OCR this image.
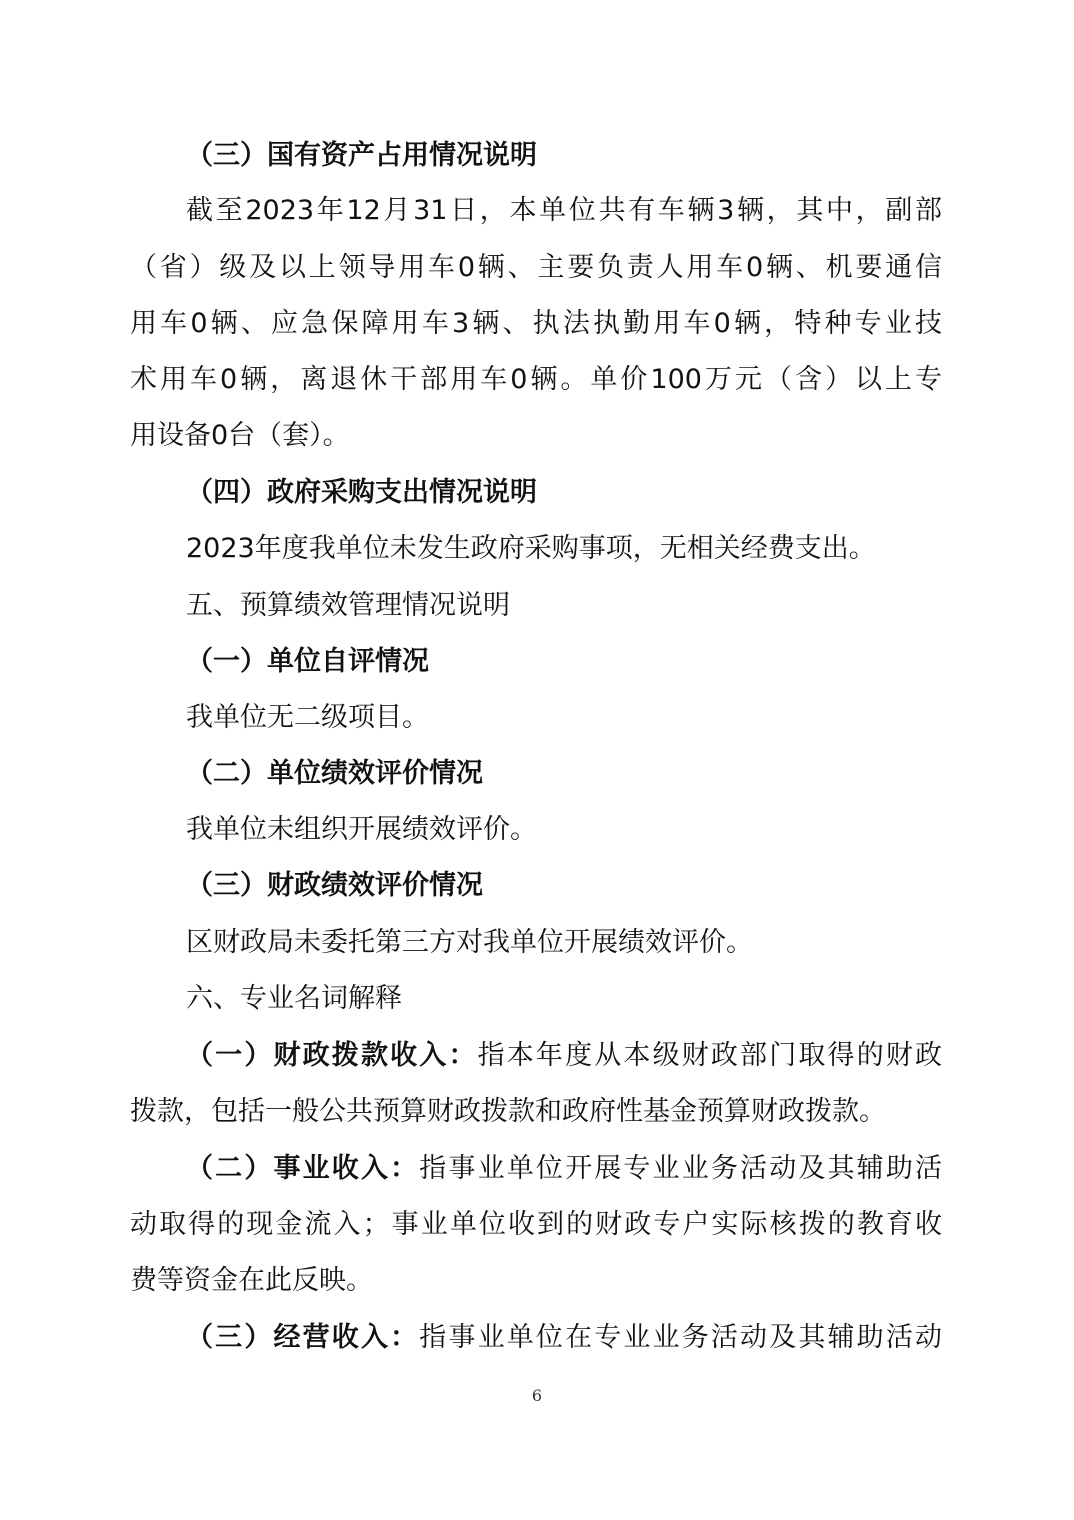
（三）国有资产占用情况说明
截至2023年12月31日，本单位共有车辆3辆，其中，副部
（省）级及以上领导用车0辆、主要负责人用车0辆、机要通信
用车0辆、应急保障用车3辆、执法执勤用车0辆，特种专业技
术用车0辆，离退休干部用车0辆。单价100万元（含）以上专
用设备0台（套）。
（四）政府采购支出情况说明
2023年度我单位未发生政府采购事项，无相关经费支出。
五、预算绩效管理情况说明
（一）单位自评情况
我单位无二级项目。
（二）单位绩效评价情况
我单位未组织开展绩效评价。
（三）财政绩效评价情况
区财政局未委托第三方对我单位开展绩效评价。
六、专业名词解释
（一）财政拨款收入：指本年度从本级财政部门取得的财政
拨款，包括一般公共预算财政拨款和政府性基金预算财政拨款。
（二）事业收入：指事业单位开展专业业务活动及其辅助活
动取得的现金流入；事业单位收到的财政专户实际核拨的教育收
费等资金在此反映。
（三）经营收入：指事业单位在专业业务活动及其辅助活动
6
